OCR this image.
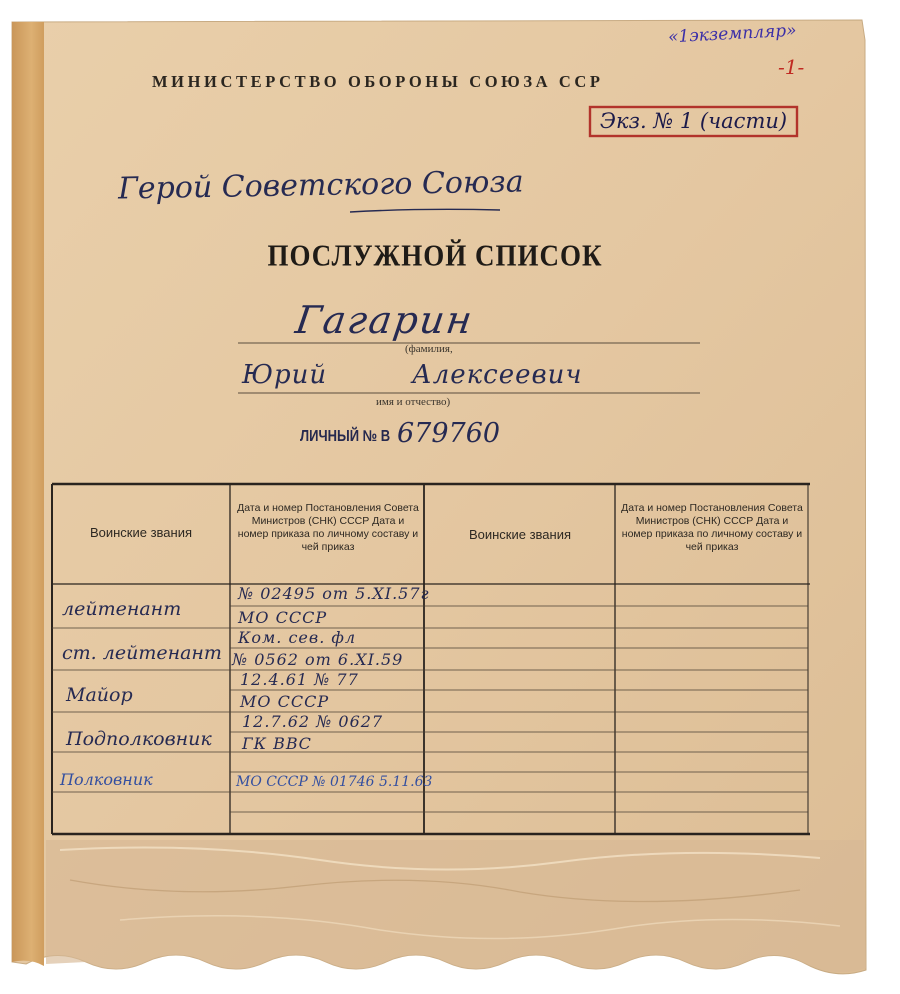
МИНИСТЕРСТВО ОБОРОНЫ СОЮЗА ССР

«1экземпляр»

-1-

Экз. № 1 (части)

Герой Советского Союза

ПОСЛУЖНОЙ СПИСОК

Гагарин

(фамилия,

Юрий	Алексеевич

имя и отчество)

ЛИЧНЫЙ № В 679760

Воинские звания

Дата и номер Постановления Совета Министров (СНК) СССР Дата и номер приказа по личному составу и чей приказ

Воинские звания

Дата и номер Постановления Совета Министров (СНК) СССР Дата и номер приказа по личному составу и чей приказ

лейтенант

№ 02495 от 5.XI.57г

МО СССР

ст. лейтенант

Ком. сев. фл

№ 0562 от 6.XI.59

Майор

12.4.61 № 77

МО СССР

Подполковник

12.7.62 № 0627

ГК ВВС

Полковник	МО СССР № 01746 5.11.63
